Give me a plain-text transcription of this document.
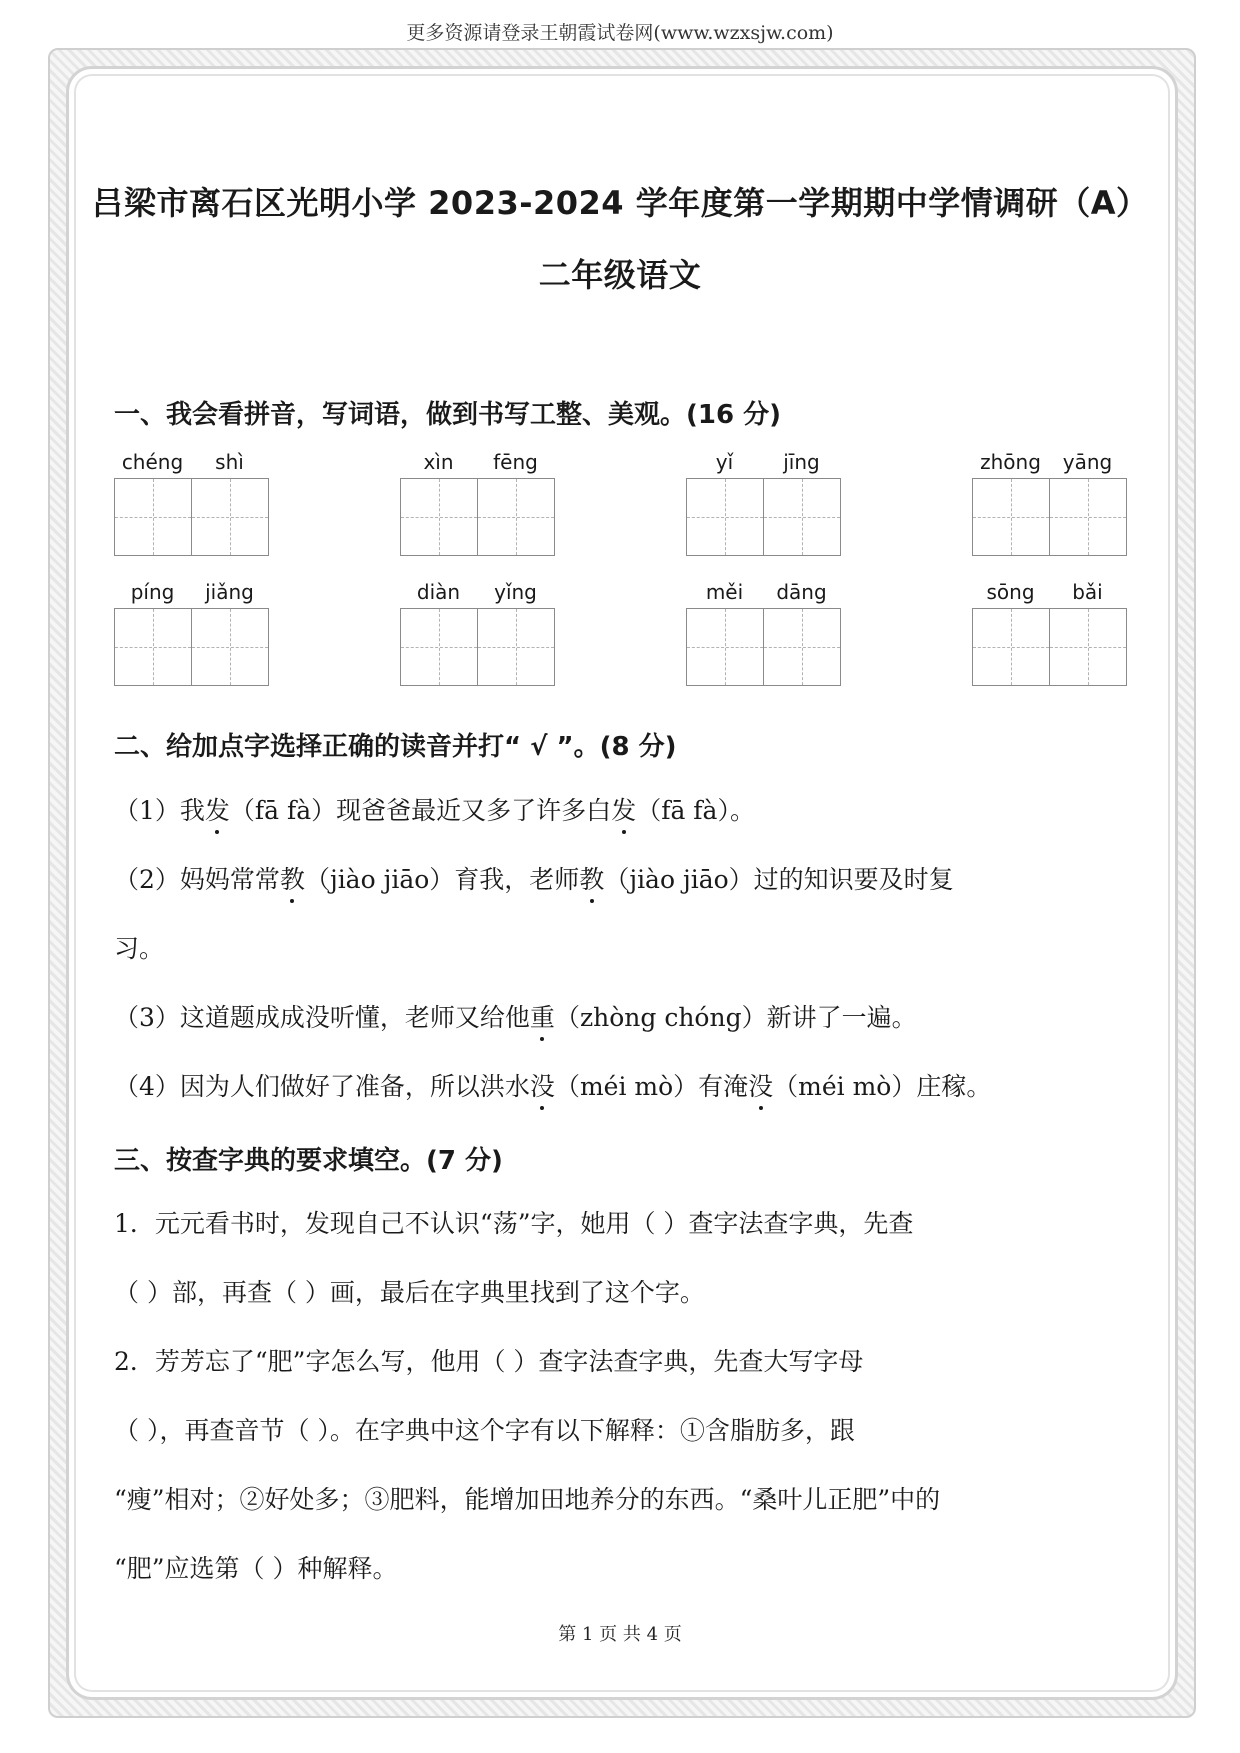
更多资源请登录王朝霞试卷网(www.wzxsjw.com)
吕梁市离石区光明小学 2023-2024 学年度第一学期期中学情调研（A）
二年级语文
一、我会看拼音，写词语，做到书写工整、美观。(16 分)
chéng	shì	xìn	fēng	yǐ	jīng	zhōng	yāng
píng	jiǎng	diàn	yǐng	měi	dāng	sōng	bǎi
二、给加点字选择正确的读音并打“ √ ”。(8 分)
（1）我发（fā fà）现爸爸最近又多了许多白发（fā fà）。
（2）妈妈常常教（jiào jiāo）育我，老师教（jiào jiāo）过的知识要及时复
习。
（3）这道题成成没听懂，老师又给他重（zhòng chóng）新讲了一遍。
（4）因为人们做好了准备，所以洪水没（méi mò）有淹没（méi mò）庄稼。
三、按查字典的要求填空。(7 分)
1．元元看书时，发现自己不认识“荡”字，她用（ ）查字法查字典，先查
（ ）部，再查（ ）画，最后在字典里找到了这个字。
2．芳芳忘了“肥”字怎么写，他用（ ）查字法查字典，先查大写字母
（ ），再查音节（ ）。在字典中这个字有以下解释：①含脂肪多，跟
“瘦”相对；②好处多；③肥料，能增加田地养分的东西。“桑叶儿正肥”中的
“肥”应选第（ ）种解释。
第 1 页 共 4 页
